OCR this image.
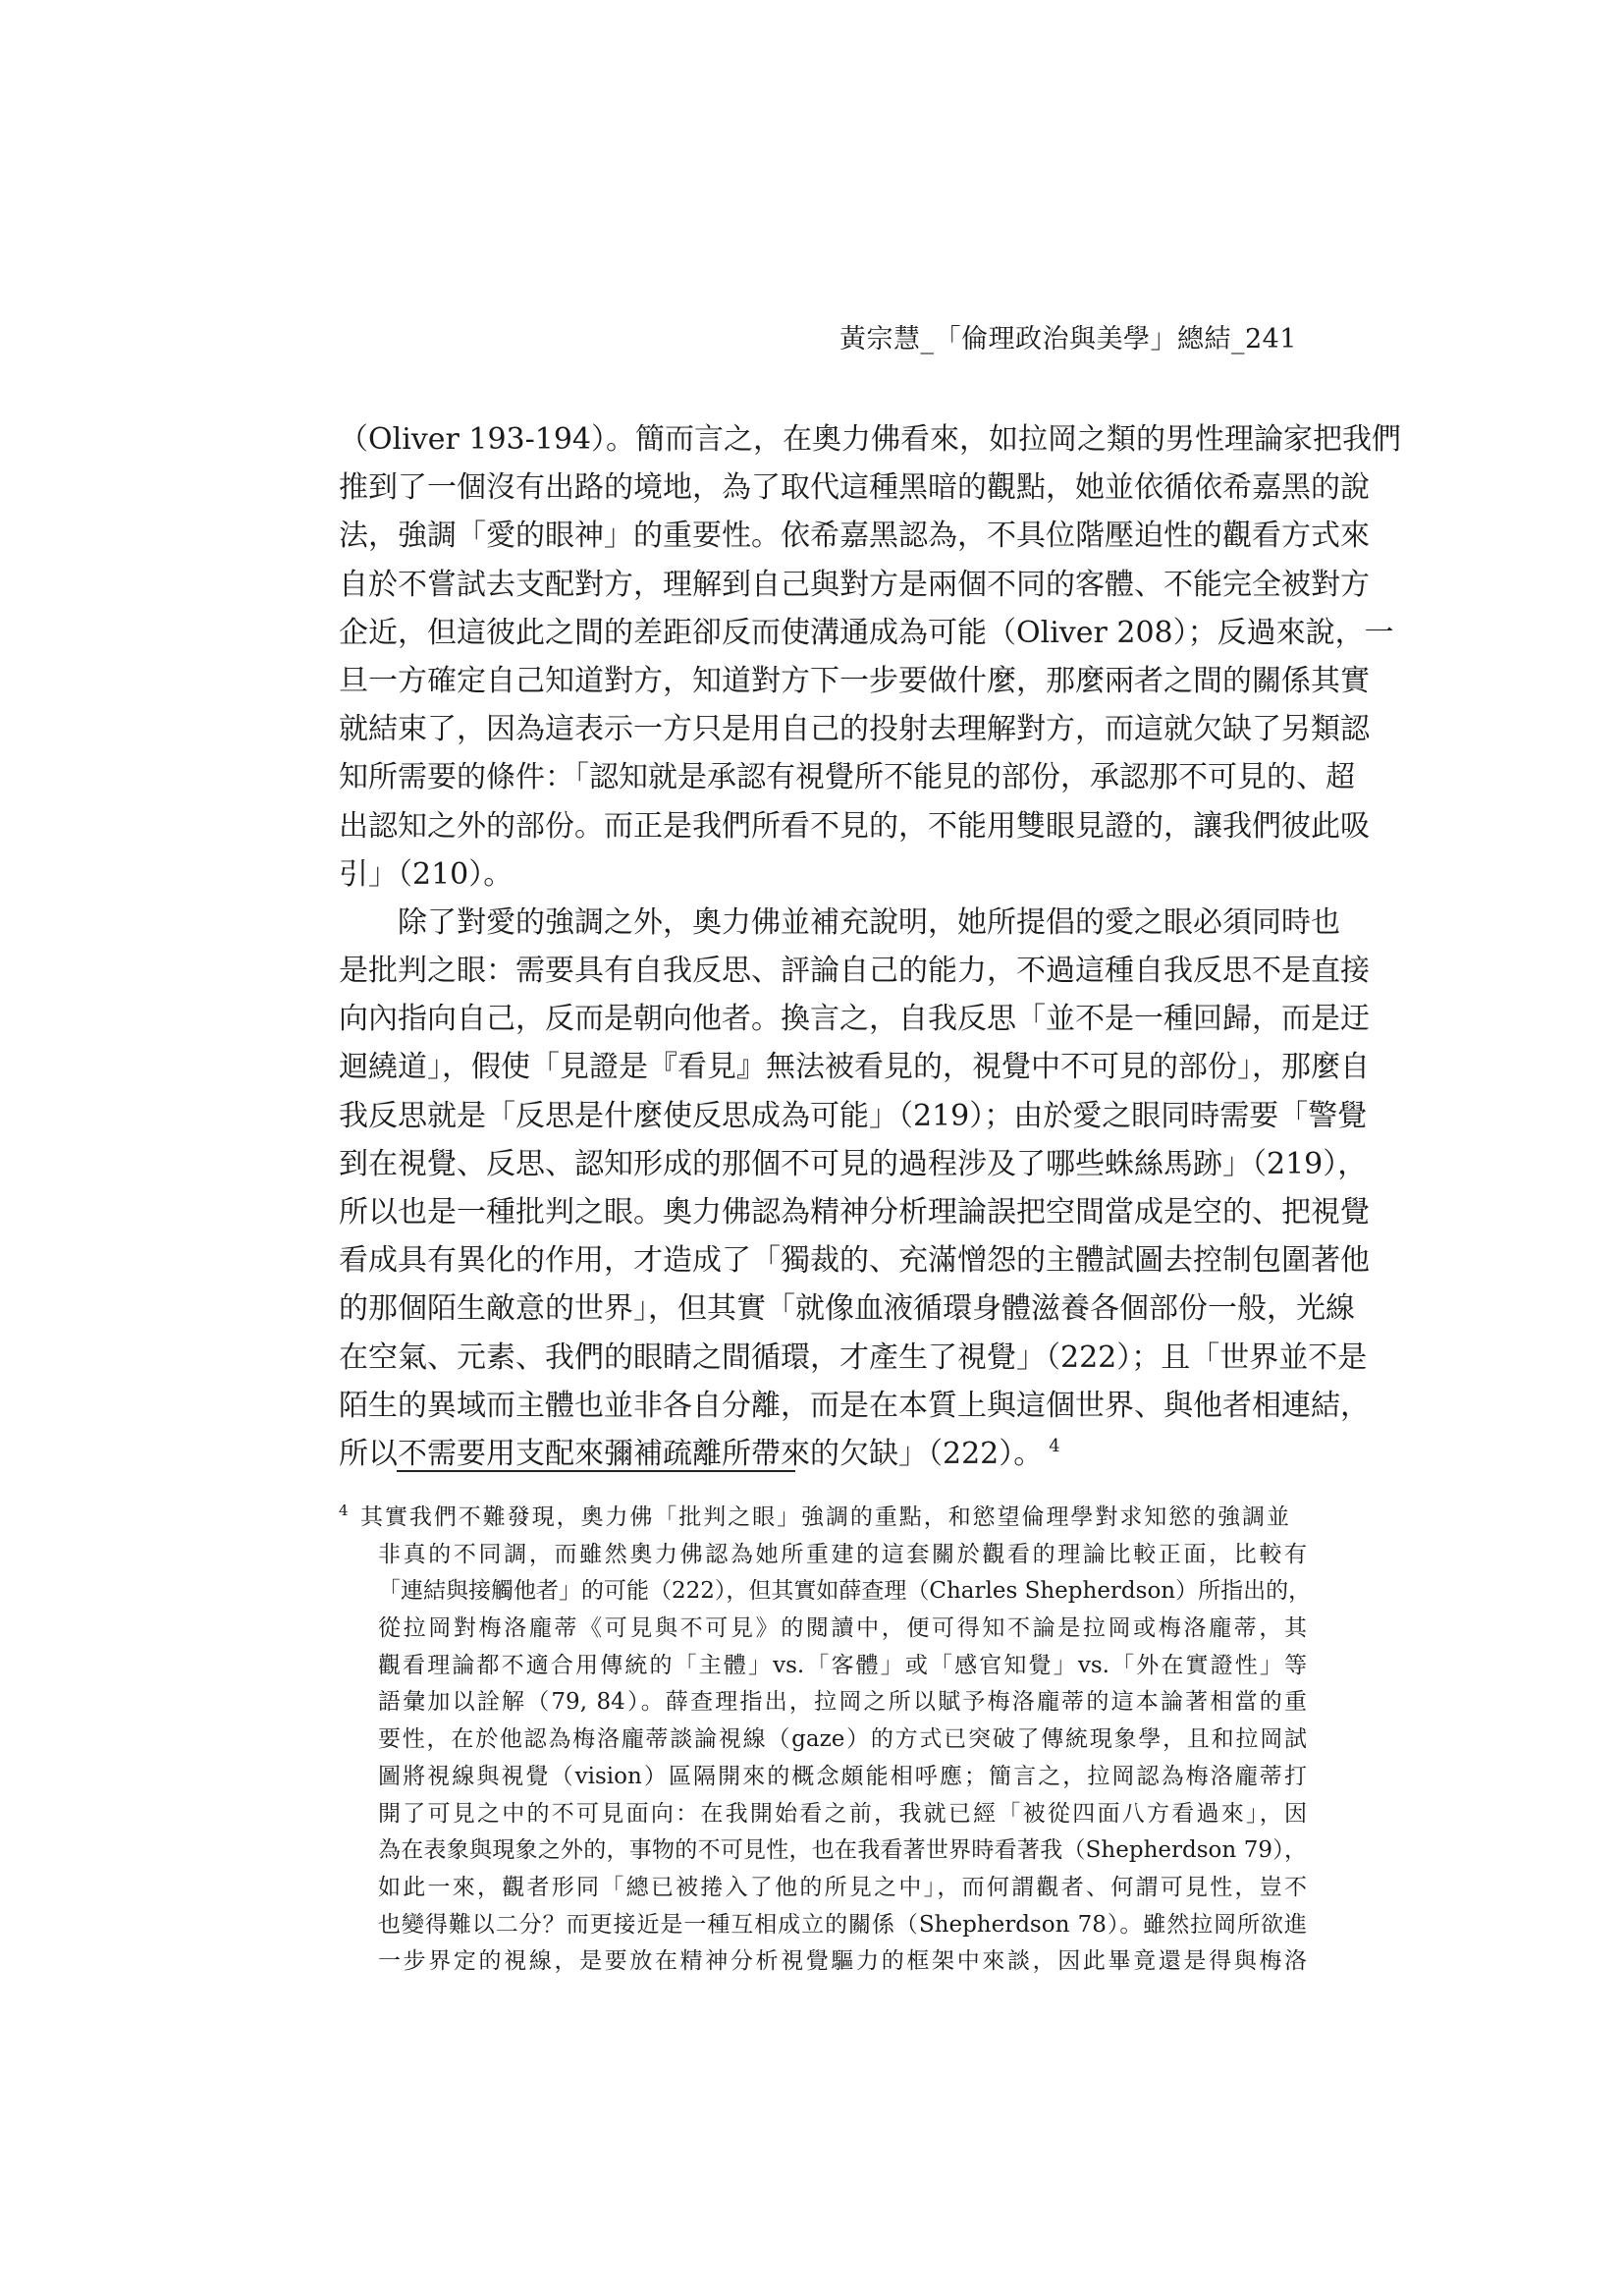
黃宗慧_「倫理政治與美學」總結_241
（Oliver 193-194）。簡而言之，在奧力佛看來，如拉岡之類的男性理論家把我們
推到了一個沒有出路的境地，為了取代這種黑暗的觀點，她並依循依希嘉黑的說
法，強調「愛的眼神」的重要性。依希嘉黑認為，不具位階壓迫性的觀看方式來
自於不嘗試去支配對方，理解到自己與對方是兩個不同的客體、不能完全被對方
企近，但這彼此之間的差距卻反而使溝通成為可能（Oliver 208）；反過來說，一
旦一方確定自己知道對方，知道對方下一步要做什麼，那麼兩者之間的關係其實
就結束了，因為這表示一方只是用自己的投射去理解對方，而這就欠缺了另類認
知所需要的條件：「認知就是承認有視覺所不能見的部份，承認那不可見的、超
出認知之外的部份。而正是我們所看不見的，不能用雙眼見證的，讓我們彼此吸
引」（210）。
除了對愛的強調之外，奧力佛並補充說明，她所提倡的愛之眼必須同時也
是批判之眼：需要具有自我反思、評論自己的能力，不過這種自我反思不是直接
向內指向自己，反而是朝向他者。換言之，自我反思「並不是一種回歸，而是迂
迴繞道」，假使「見證是『看見』無法被看見的，視覺中不可見的部份」，那麼自
我反思就是「反思是什麼使反思成為可能」（219）；由於愛之眼同時需要「警覺
到在視覺、反思、認知形成的那個不可見的過程涉及了哪些蛛絲馬跡」（219），
所以也是一種批判之眼。奧力佛認為精神分析理論誤把空間當成是空的、把視覺
看成具有異化的作用，才造成了「獨裁的、充滿憎怨的主體試圖去控制包圍著他
的那個陌生敵意的世界」，但其實「就像血液循環身體滋養各個部份一般，光線
在空氣、元素、我們的眼睛之間循環，才產生了視覺」（222）；且「世界並不是
陌生的異域而主體也並非各自分離，而是在本質上與這個世界、與他者相連結，
所以不需要用支配來彌補疏離所帶來的欠缺」（222）。 $^4$
4 其實我們不難發現，奧力佛「批判之眼」強調的重點，和慾望倫理學對求知慾的強調並
非真的不同調，而雖然奧力佛認為她所重建的這套關於觀看的理論比較正面，比較有
「連結與接觸他者」的可能（222），但其實如薛查理（Charles Shepherdson）所指出的，
從拉岡對梅洛龐蒂《可見與不可見》的閱讀中，便可得知不論是拉岡或梅洛龐蒂，其
觀看理論都不適合用傳統的「主體」vs.「客體」或「感官知覺」vs.「外在實證性」等
語彙加以詮解（79, 84）。薛查理指出，拉岡之所以賦予梅洛龐蒂的這本論著相當的重
要性，在於他認為梅洛龐蒂談論視線（gaze）的方式已突破了傳統現象學，且和拉岡試
圖將視線與視覺（vision）區隔開來的概念頗能相呼應；簡言之，拉岡認為梅洛龐蒂打
開了可見之中的不可見面向：在我開始看之前，我就已經「被從四面八方看過來」，因
為在表象與現象之外的，事物的不可見性，也在我看著世界時看著我（Shepherdson 79），
如此一來，觀者形同「總已被捲入了他的所見之中」，而何謂觀者、何謂可見性，豈不
也變得難以二分？而更接近是一種互相成立的關係（Shepherdson 78）。雖然拉岡所欲進
一步界定的視線，是要放在精神分析視覺驅力的框架中來談，因此畢竟還是得與梅洛
